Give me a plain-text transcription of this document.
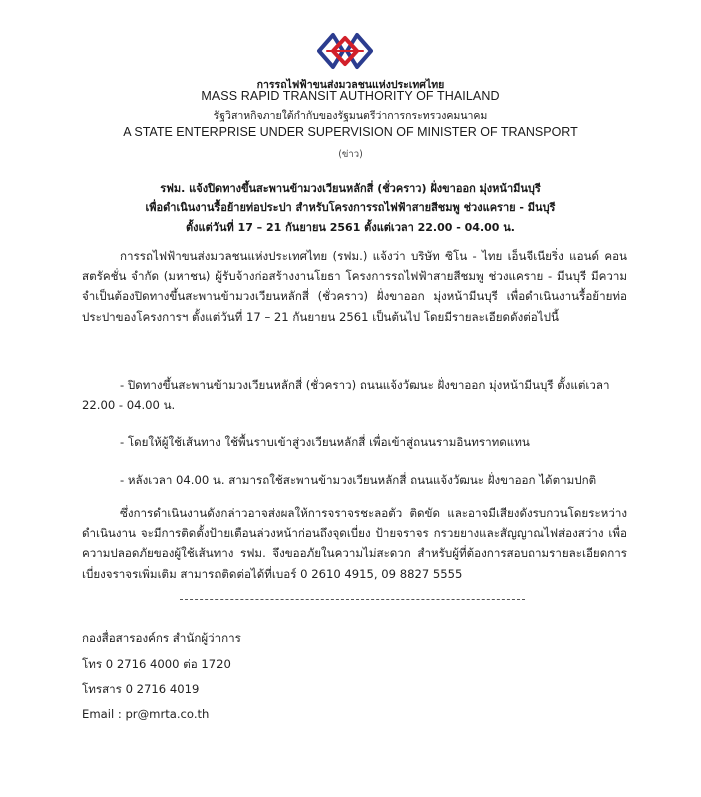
การรถไฟฟ้าขนส่งมวลชนแห่งประเทศไทย
MASS RAPID TRANSIT AUTHORITY OF THAILAND
รัฐวิสาหกิจภายใต้กำกับของรัฐมนตรีว่าการกระทรวงคมนาคม
A STATE ENTERPRISE UNDER SUPERVISION OF MINISTER OF TRANSPORT
(ข่าว)
รฟม. แจ้งปิดทางขึ้นสะพานข้ามวงเวียนหลักสี่ (ชั่วคราว) ฝั่งขาออก มุ่งหน้ามีนบุรี
เพื่อดำเนินงานรื้อย้ายท่อประปา สำหรับโครงการรถไฟฟ้าสายสีชมพู ช่วงแคราย - มีนบุรี
ตั้งแต่วันที่ 17 – 21 กันยายน 2561 ตั้งแต่เวลา 22.00 - 04.00 น.
การรถไฟฟ้าขนส่งมวลชนแห่งประเทศไทย (รฟม.) แจ้งว่า บริษัท ซิโน - ไทย เอ็นจีเนียริ่ง แอนด์ คอนสตรัคชั่น จำกัด (มหาชน) ผู้รับจ้างก่อสร้างงานโยธา โครงการรถไฟฟ้าสายสีชมพู ช่วงแคราย - มีนบุรี มีความจำเป็นต้องปิดทางขึ้นสะพานข้ามวงเวียนหลักสี่ (ชั่วคราว) ฝั่งขาออก มุ่งหน้ามีนบุรี เพื่อดำเนินงานรื้อย้ายท่อประปาของโครงการฯ ตั้งแต่วันที่ 17 – 21 กันยายน 2561 เป็นต้นไป โดยมีรายละเอียดดังต่อไปนี้
- ปิดทางขึ้นสะพานข้ามวงเวียนหลักสี่ (ชั่วคราว) ถนนแจ้งวัฒนะ ฝั่งขาออก มุ่งหน้ามีนบุรี ตั้งแต่เวลา 22.00 - 04.00 น.
- โดยให้ผู้ใช้เส้นทาง ใช้พื้นราบเข้าสู่วงเวียนหลักสี่ เพื่อเข้าสู่ถนนรามอินทราทดแทน
- หลังเวลา 04.00 น. สามารถใช้สะพานข้ามวงเวียนหลักสี่ ถนนแจ้งวัฒนะ ฝั่งขาออก ได้ตามปกติ
ซึ่งการดำเนินงานดังกล่าวอาจส่งผลให้การจราจรชะลอตัว ติดขัด และอาจมีเสียงดังรบกวนโดยระหว่างดำเนินงาน จะมีการติดตั้งป้ายเตือนล่วงหน้าก่อนถึงจุดเบี่ยง ป้ายจราจร กรวยยางและสัญญาณไฟส่องสว่าง เพื่อความปลอดภัยของผู้ใช้เส้นทาง รฟม. จึงขออภัยในความไม่สะดวก สำหรับผู้ที่ต้องการสอบถามรายละเอียดการเบี่ยงจราจรเพิ่มเติม สามารถติดต่อได้ที่เบอร์ 0 2610 4915, 09 8827 5555
กองสื่อสารองค์กร สำนักผู้ว่าการ
โทร 0 2716 4000 ต่อ 1720
โทรสาร 0 2716 4019
Email : pr@mrta.co.th
